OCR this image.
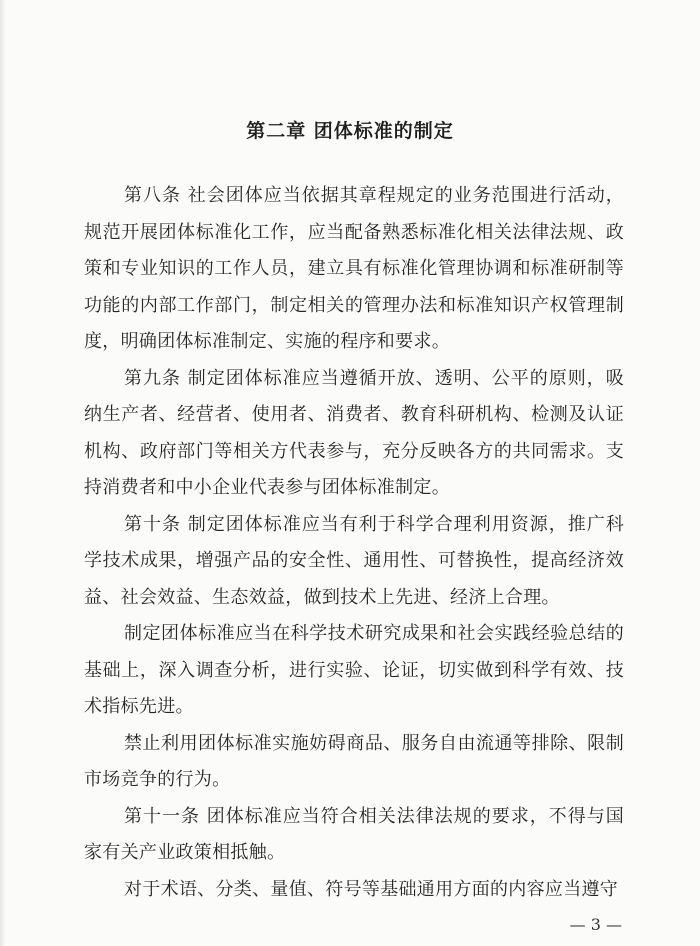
第二章 团体标准的制定

第八条 社会团体应当依据其章程规定的业务范围进行活动，规范开展团体标准化工作，应当配备熟悉标准化相关法律法规、政策和专业知识的工作人员，建立具有标准化管理协调和标准研制等功能的内部工作部门，制定相关的管理办法和标准知识产权管理制度，明确团体标准制定、实施的程序和要求。

第九条 制定团体标准应当遵循开放、透明、公平的原则，吸纳生产者、经营者、使用者、消费者、教育科研机构、检测及认证机构、政府部门等相关方代表参与，充分反映各方的共同需求。支持消费者和中小企业代表参与团体标准制定。

第十条 制定团体标准应当有利于科学合理利用资源，推广科学技术成果，增强产品的安全性、通用性、可替换性，提高经济效益、社会效益、生态效益，做到技术上先进、经济上合理。

制定团体标准应当在科学技术研究成果和社会实践经验总结的基础上，深入调查分析，进行实验、论证，切实做到科学有效、技术指标先进。

禁止利用团体标准实施妨碍商品、服务自由流通等排除、限制市场竞争的行为。

第十一条 团体标准应当符合相关法律法规的要求，不得与国家有关产业政策相抵触。

对于术语、分类、量值、符号等基础通用方面的内容应当遵守

— 3 —
